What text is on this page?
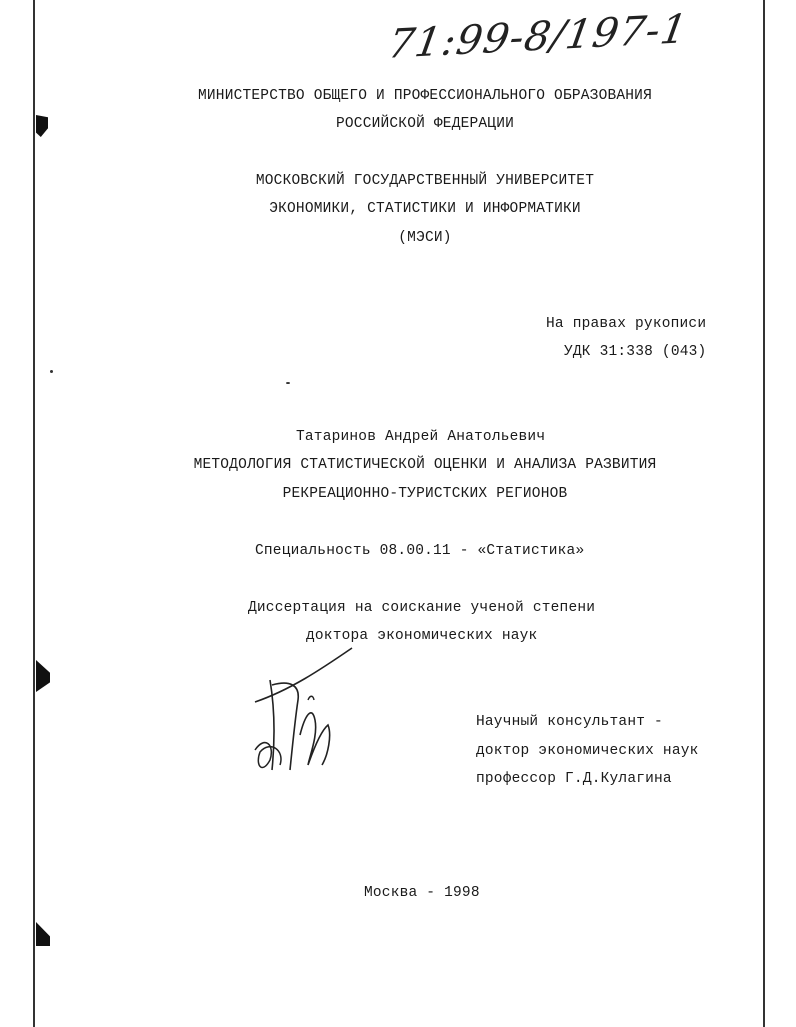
71:99-8/197-1
МИНИСТЕРСТВО ОБЩЕГО И ПРОФЕССИОНАЛЬНОГО ОБРАЗОВАНИЯ
РОССИЙСКОЙ ФЕДЕРАЦИИ
МОСКОВСКИЙ ГОСУДАРСТВЕННЫЙ УНИВЕРСИТЕТ
ЭКОНОМИКИ, СТАТИСТИКИ И ИНФОРМАТИКИ
(МЭСИ)
На правах рукописи
УДК 31:338 (043)
Татаринов Андрей Анатольевич
МЕТОДОЛОГИЯ СТАТИСТИЧЕСКОЙ ОЦЕНКИ И АНАЛИЗА РАЗВИТИЯ
РЕКРЕАЦИОННО-ТУРИСТСКИХ РЕГИОНОВ
Специальность 08.00.11 - «Статистика»
Диссертация на соискание ученой степени
доктора экономических наук
Научный консультант -
доктор экономических наук
профессор Г.Д.Кулагина
Москва - 1998
